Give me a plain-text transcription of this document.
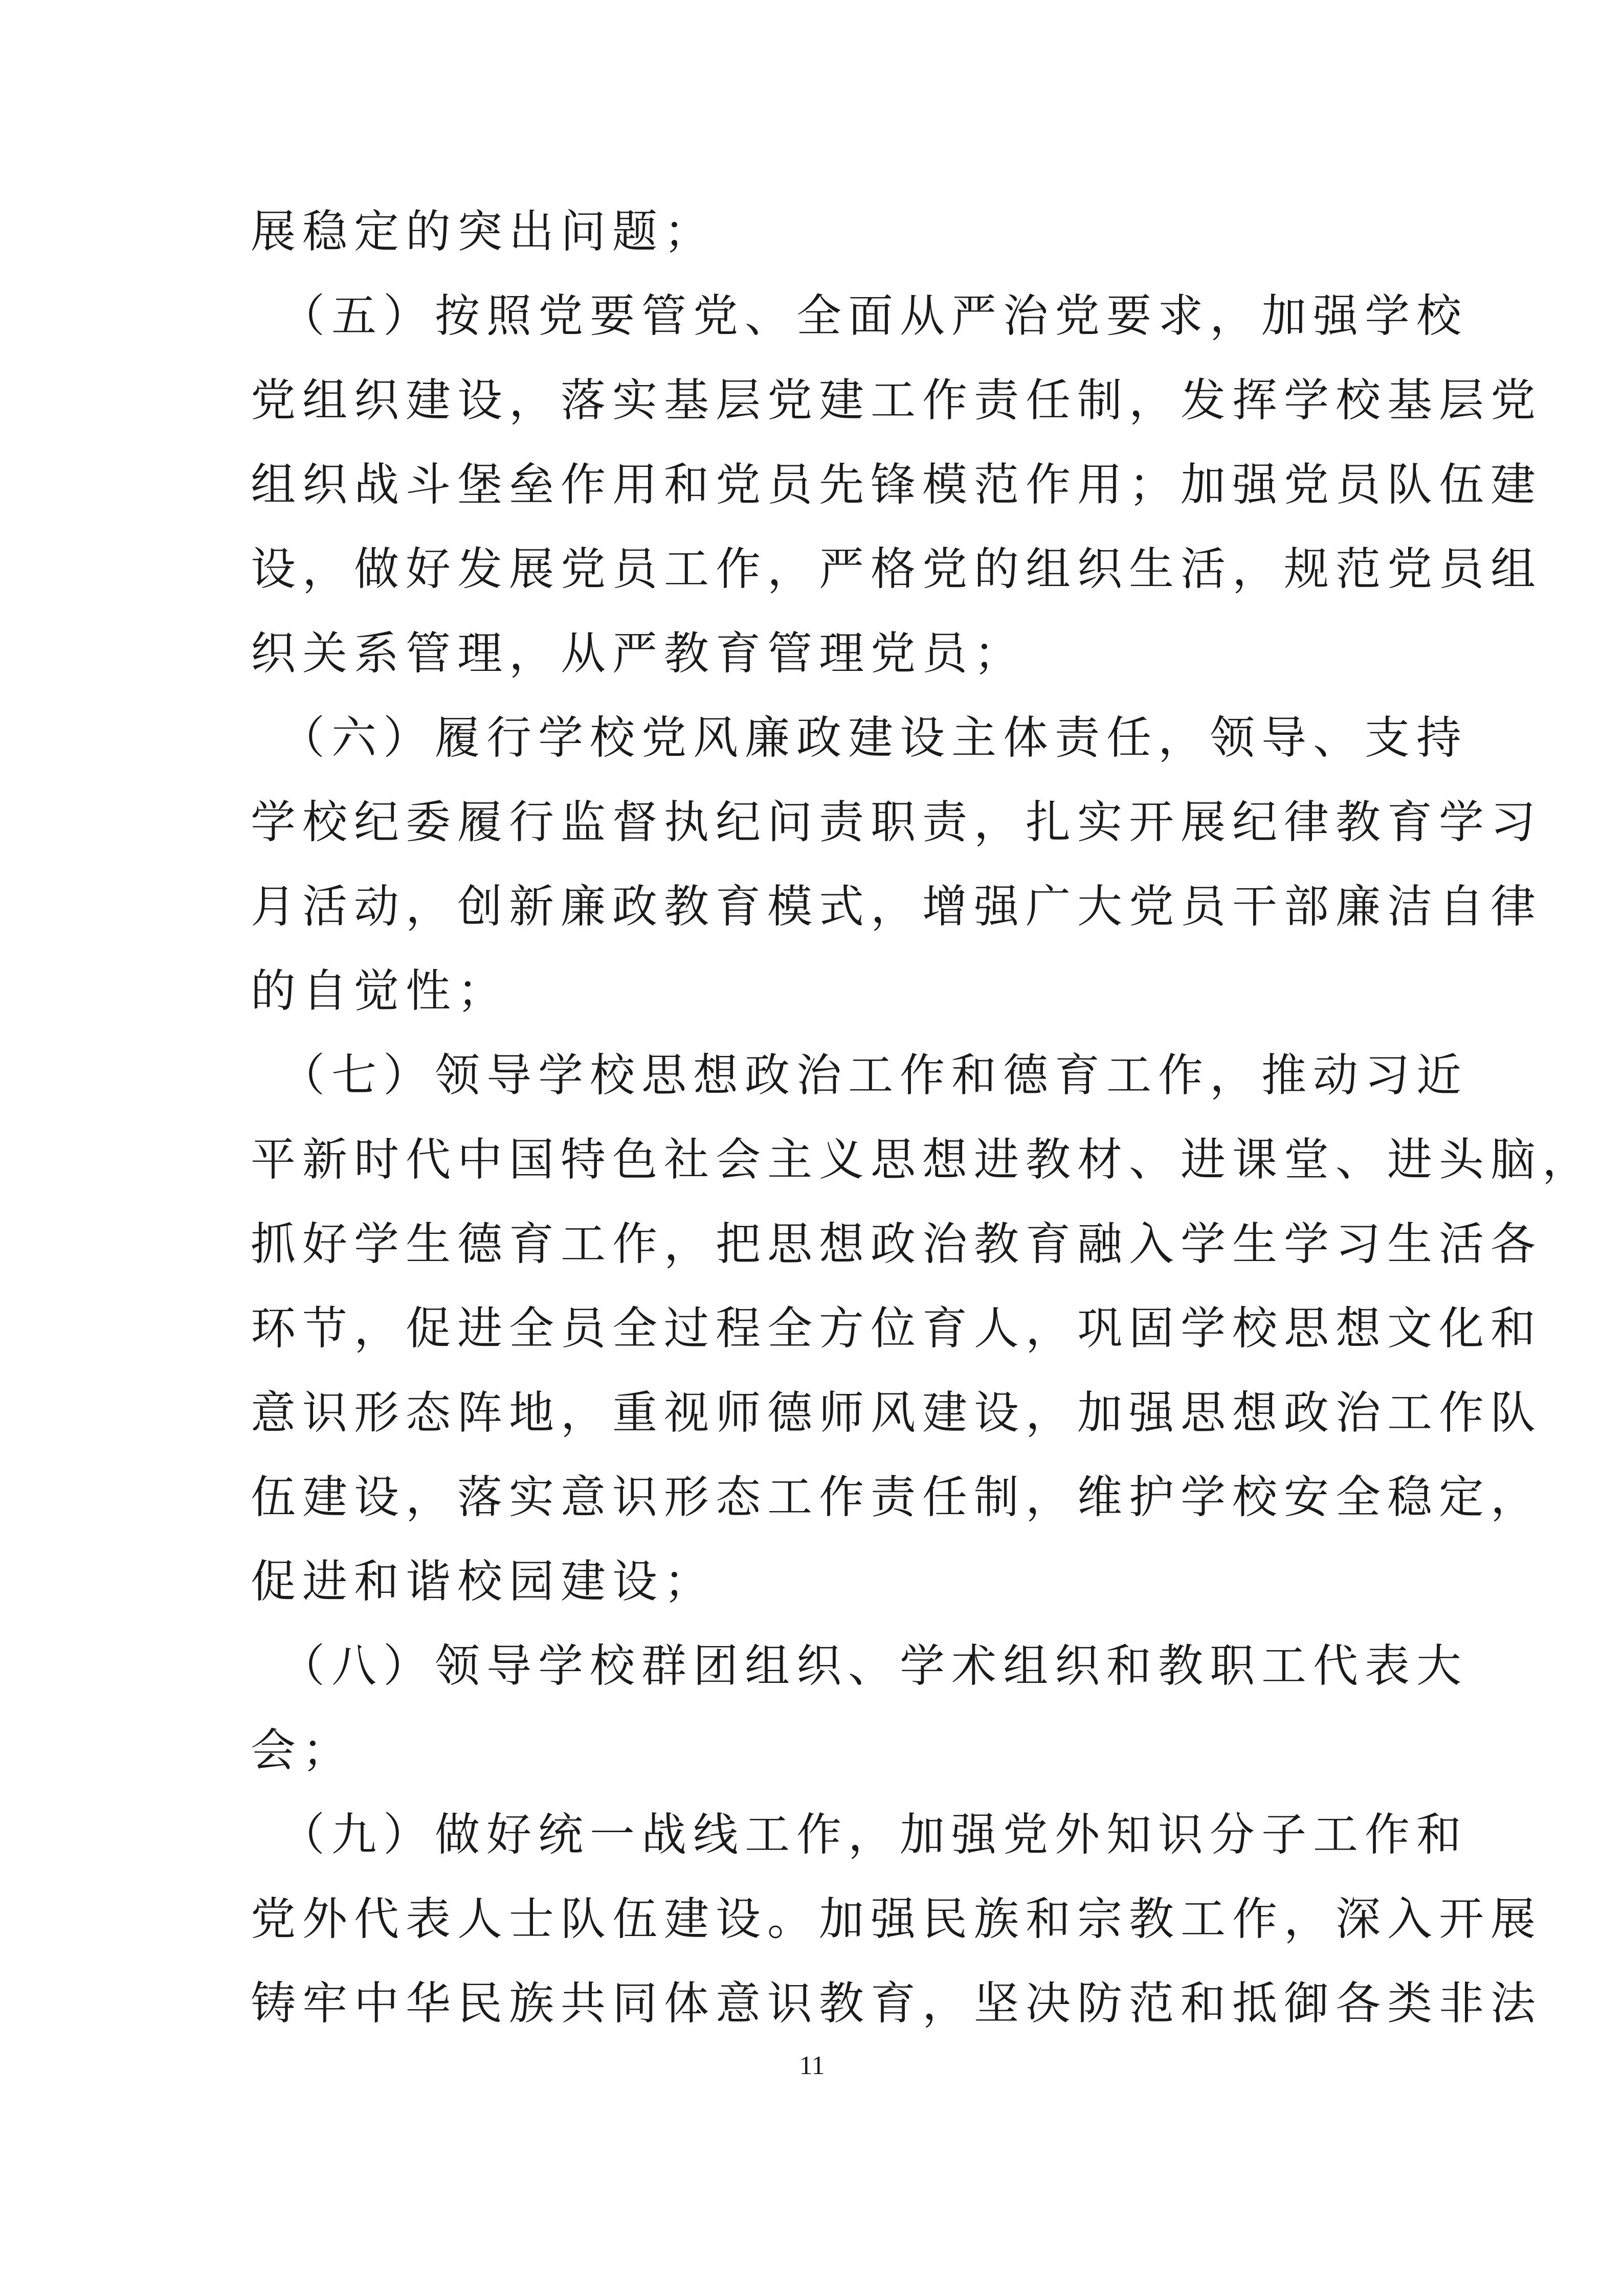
展稳定的突出问题；
　（五）按照党要管党、全面从严治党要求，加强学校
党组织建设，落实基层党建工作责任制，发挥学校基层党
组织战斗堡垒作用和党员先锋模范作用；加强党员队伍建
设，做好发展党员工作，严格党的组织生活，规范党员组
织关系管理，从严教育管理党员；
　（六）履行学校党风廉政建设主体责任，领导、支持
学校纪委履行监督执纪问责职责，扎实开展纪律教育学习
月活动，创新廉政教育模式，增强广大党员干部廉洁自律
的自觉性；
　（七）领导学校思想政治工作和德育工作，推动习近
平新时代中国特色社会主义思想进教材、进课堂、进头脑，
抓好学生德育工作，把思想政治教育融入学生学习生活各
环节，促进全员全过程全方位育人，巩固学校思想文化和
意识形态阵地，重视师德师风建设，加强思想政治工作队
伍建设，落实意识形态工作责任制，维护学校安全稳定，
促进和谐校园建设；
　（八）领导学校群团组织、学术组织和教职工代表大
会；
　（九）做好统一战线工作，加强党外知识分子工作和
党外代表人士队伍建设。加强民族和宗教工作，深入开展
铸牢中华民族共同体意识教育，坚决防范和抵御各类非法
11
